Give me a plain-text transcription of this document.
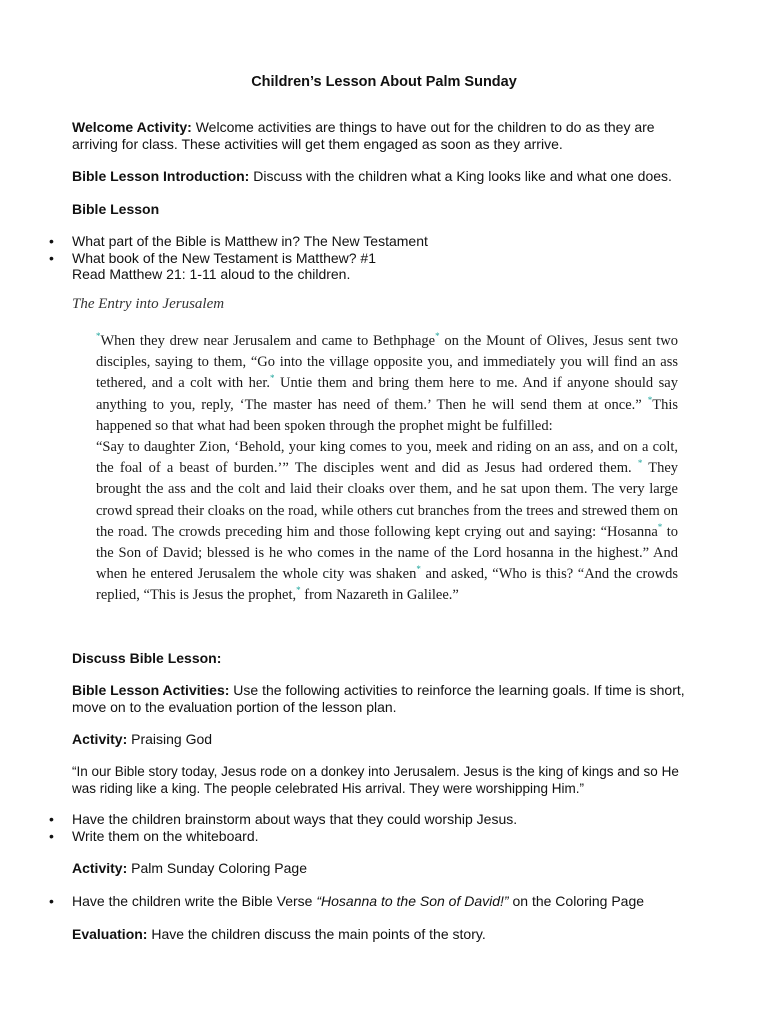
Children’s Lesson About Palm Sunday
Welcome Activity: Welcome activities are things to have out for the children to do as they are arriving for class. These activities will get them engaged as soon as they arrive.
Bible Lesson Introduction: Discuss with the children what a King looks like and what one does.
Bible Lesson
• What part of the Bible is Matthew in? The New Testament
• What book of the New Testament is Matthew? #1
Read Matthew 21: 1-11 aloud to the children.
The Entry into Jerusalem

*When they drew near Jerusalem and came to Bethphage* on the Mount of Olives, Jesus sent two disciples, saying to them, “Go into the village opposite you, and immediately you will find an ass tethered, and a colt with her.* Untie them and bring them here to me. And if anyone should say anything to you, reply, ‘The master has need of them.’ Then he will send them at once.” *This happened so that what had been spoken through the prophet might be fulfilled:

“Say to daughter Zion, ‘Behold, your king comes to you, meek and riding on an ass, and on a colt, the foal of a beast of burden.’” The disciples went and did as Jesus had ordered them. * They brought the ass and the colt and laid their cloaks over them, and he sat upon them. The very large crowd spread their cloaks on the road, while others cut branches from the trees and strewed them on the road. The crowds preceding him and those following kept crying out and saying: “Hosanna* to the Son of David; blessed is he who comes in the name of the Lord hosanna in the highest.” And when he entered Jerusalem the whole city was shaken* and asked, “Who is this? “And the crowds replied, “This is Jesus the prophet,* from Nazareth in Galilee.”

Discuss Bible Lesson:
Bible Lesson Activities: Use the following activities to reinforce the learning goals. If time is short, move on to the evaluation portion of the lesson plan.
Activity: Praising God
“In our Bible story today, Jesus rode on a donkey into Jerusalem. Jesus is the king of kings and so He was riding like a king. The people celebrated His arrival. They were worshipping Him.”
• Have the children brainstorm about ways that they could worship Jesus.
• Write them on the whiteboard.
Activity: Palm Sunday Coloring Page
• Have the children write the Bible Verse “Hosanna to the Son of David!” on the Coloring Page
Evaluation: Have the children discuss the main points of the story.
